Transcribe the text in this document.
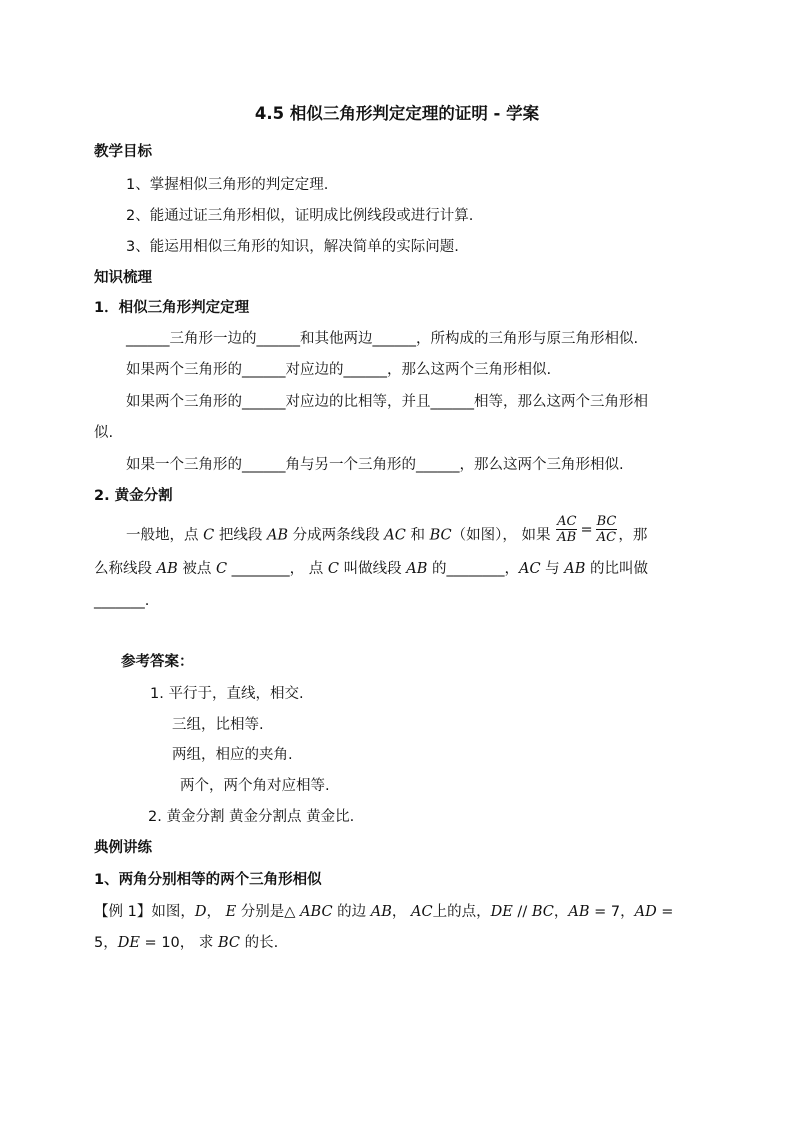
4.5 相似三角形判定定理的证明 - 学案
教学目标
1、掌握相似三角形的判定定理.
2、能通过证三角形相似，证明成比例线段或进行计算.
3、能运用相似三角形的知识，解决简单的实际问题.
知识梳理
1．相似三角形判定定理
______三角形一边的______和其他两边______，所构成的三角形与原三角形相似.
如果两个三角形的______对应边的______，那么这两个三角形相似.
如果两个三角形的______对应边的比相等，并且______相等，那么这两个三角形相
似.
如果一个三角形的______角与另一个三角形的______，那么这两个三角形相似.
2. 黄金分割
一般地，点 C 把线段 AB 分成两条线段 AC 和 BC（如图）， 如果 $\frac{AC}{AB} = \frac{BC}{AC}$ ，那
么称线段 AB 被点 C ________， 点 C 叫做线段 AB 的________，AC 与 AB 的比叫做
_______.
参考答案：
1. 平行于，直线，相交.
三组，比相等.
两组，相应的夹角.
两个，两个角对应相等.
2. 黄金分割 黄金分割点 黄金比.
典例讲练
1、两角分别相等的两个三角形相似
【例 1】如图，D， E 分别是△ ABC 的边 AB， AC上的点，DE // BC，AB = 7，AD =
5，DE = 10， 求 BC 的长.
